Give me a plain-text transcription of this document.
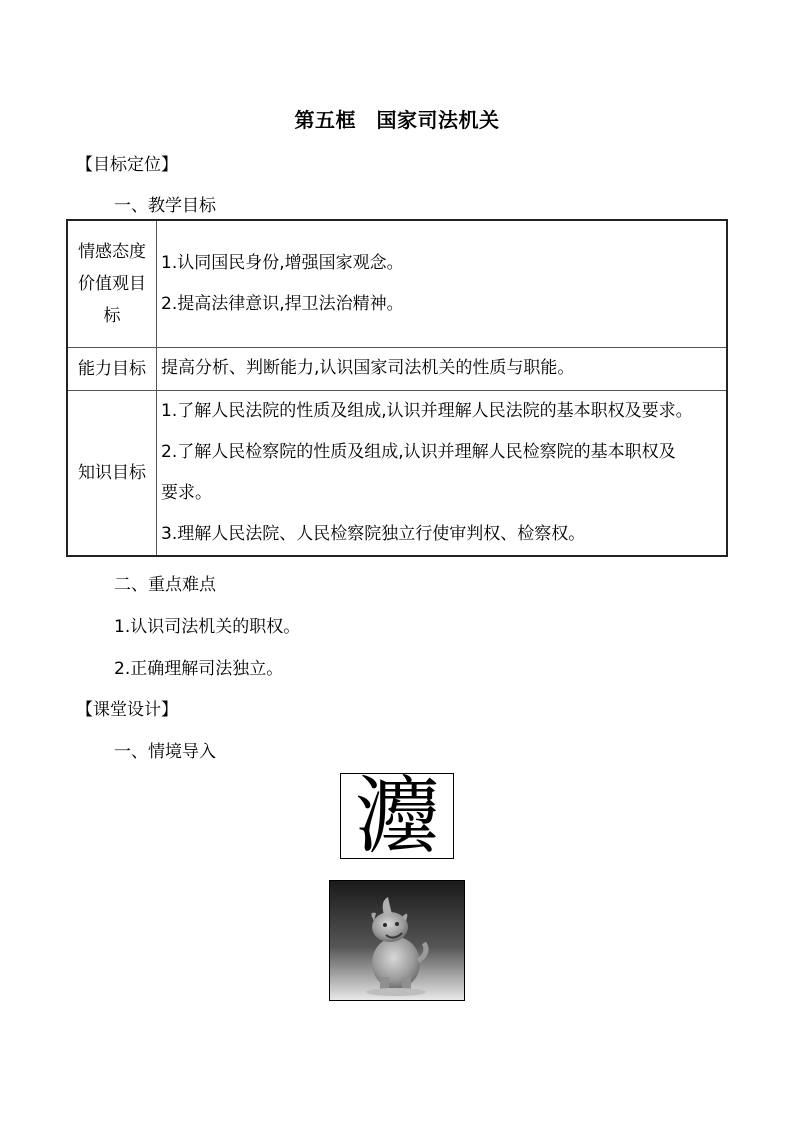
第五框　国家司法机关
【目标定位】
一、教学目标
情感态度
价值观目
标	1.认同国民身份,增强国家观念。
2.提高法律意识,捍卫法治精神。

能力目标	提高分析、判断能力,认识国家司法机关的性质与职能。

知识目标	1.了解人民法院的性质及组成,认识并理解人民法院的基本职权及要求。
2.了解人民检察院的性质及组成,认识并理解人民检察院的基本职权及
要求。
3.理解人民法院、人民检察院独立行使审判权、检察权。
二、重点难点
1.认识司法机关的职权。
2.正确理解司法独立。
【课堂设计】
一、情境导入
灋
